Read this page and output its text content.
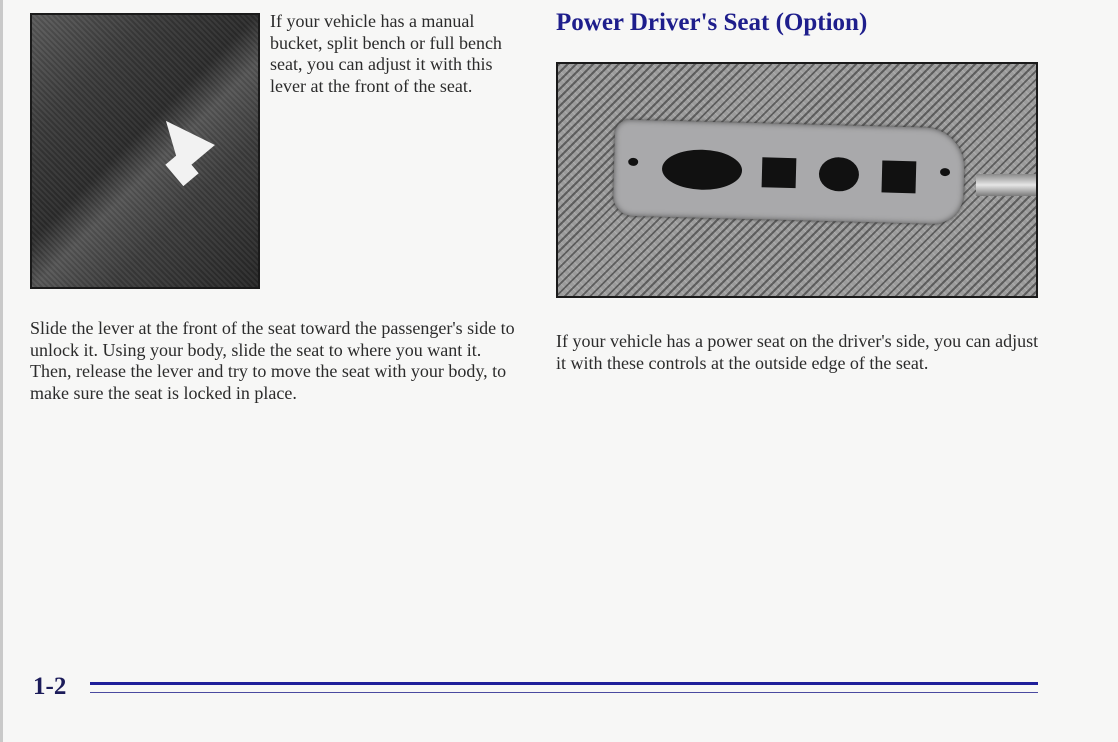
If your vehicle has a manual bucket, split bench or full bench seat, you can adjust it with this lever at the front of the seat.
Power Driver's Seat (Option)
Slide the lever at the front of the seat toward the passenger's side to unlock it. Using your body, slide the seat to where you want it. Then, release the lever and try to move the seat with your body, to make sure the seat is locked in place.
If your vehicle has a power seat on the driver's side, you can adjust it with these controls at the outside edge of the seat.
1-2
